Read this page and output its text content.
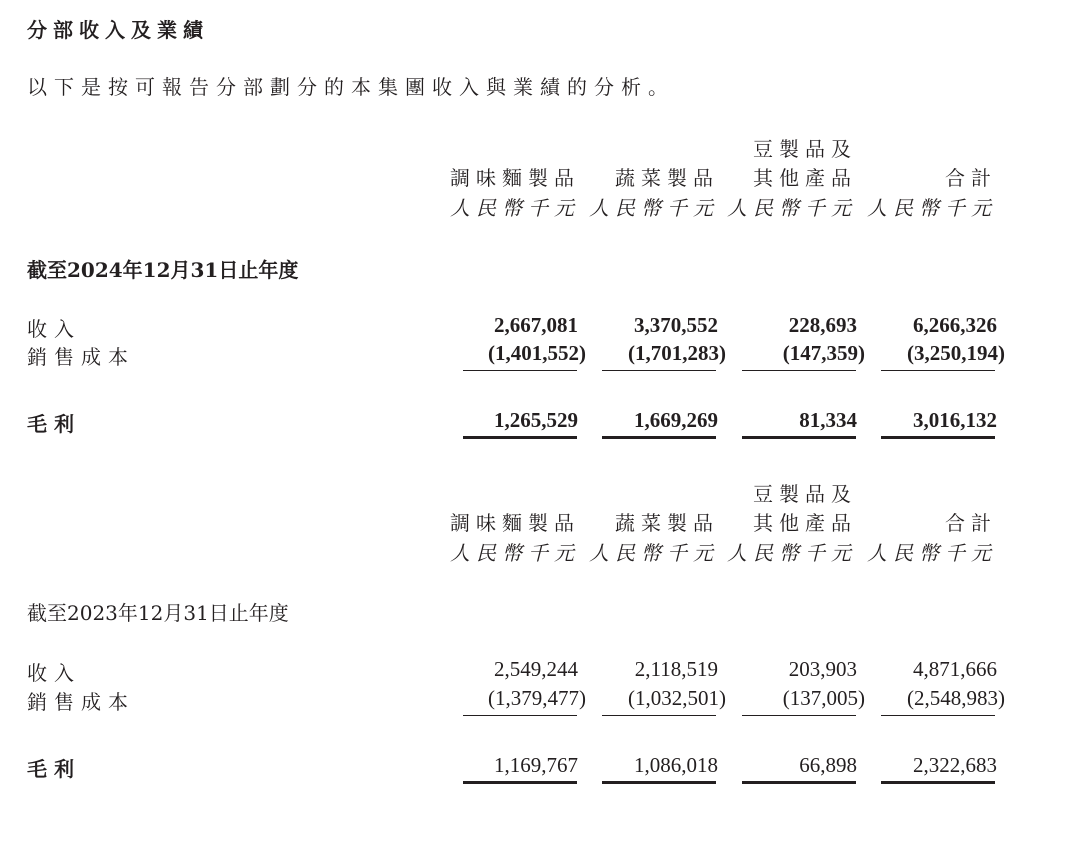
分部收入及業績
以下是按可報告分部劃分的本集團收入與業績的分析。
豆製品及
調味麵製品	蔬菜製品	其他產品	合計
人民幣千元 人民幣千元 人民幣千元 人民幣千元
截至2024年12月31日止年度
收入	2,667,081	3,370,552	228,693	6,266,326
銷售成本	(1,401,552)	(1,701,283)	(147,359)	(3,250,194)
毛利	1,265,529	1,669,269	81,334	3,016,132
豆製品及
調味麵製品	蔬菜製品	其他產品	合計
人民幣千元 人民幣千元 人民幣千元 人民幣千元
截至2023年12月31日止年度
收入	2,549,244	2,118,519	203,903	4,871,666
銷售成本	(1,379,477)	(1,032,501)	(137,005)	(2,548,983)
毛利	1,169,767	1,086,018	66,898	2,322,683
